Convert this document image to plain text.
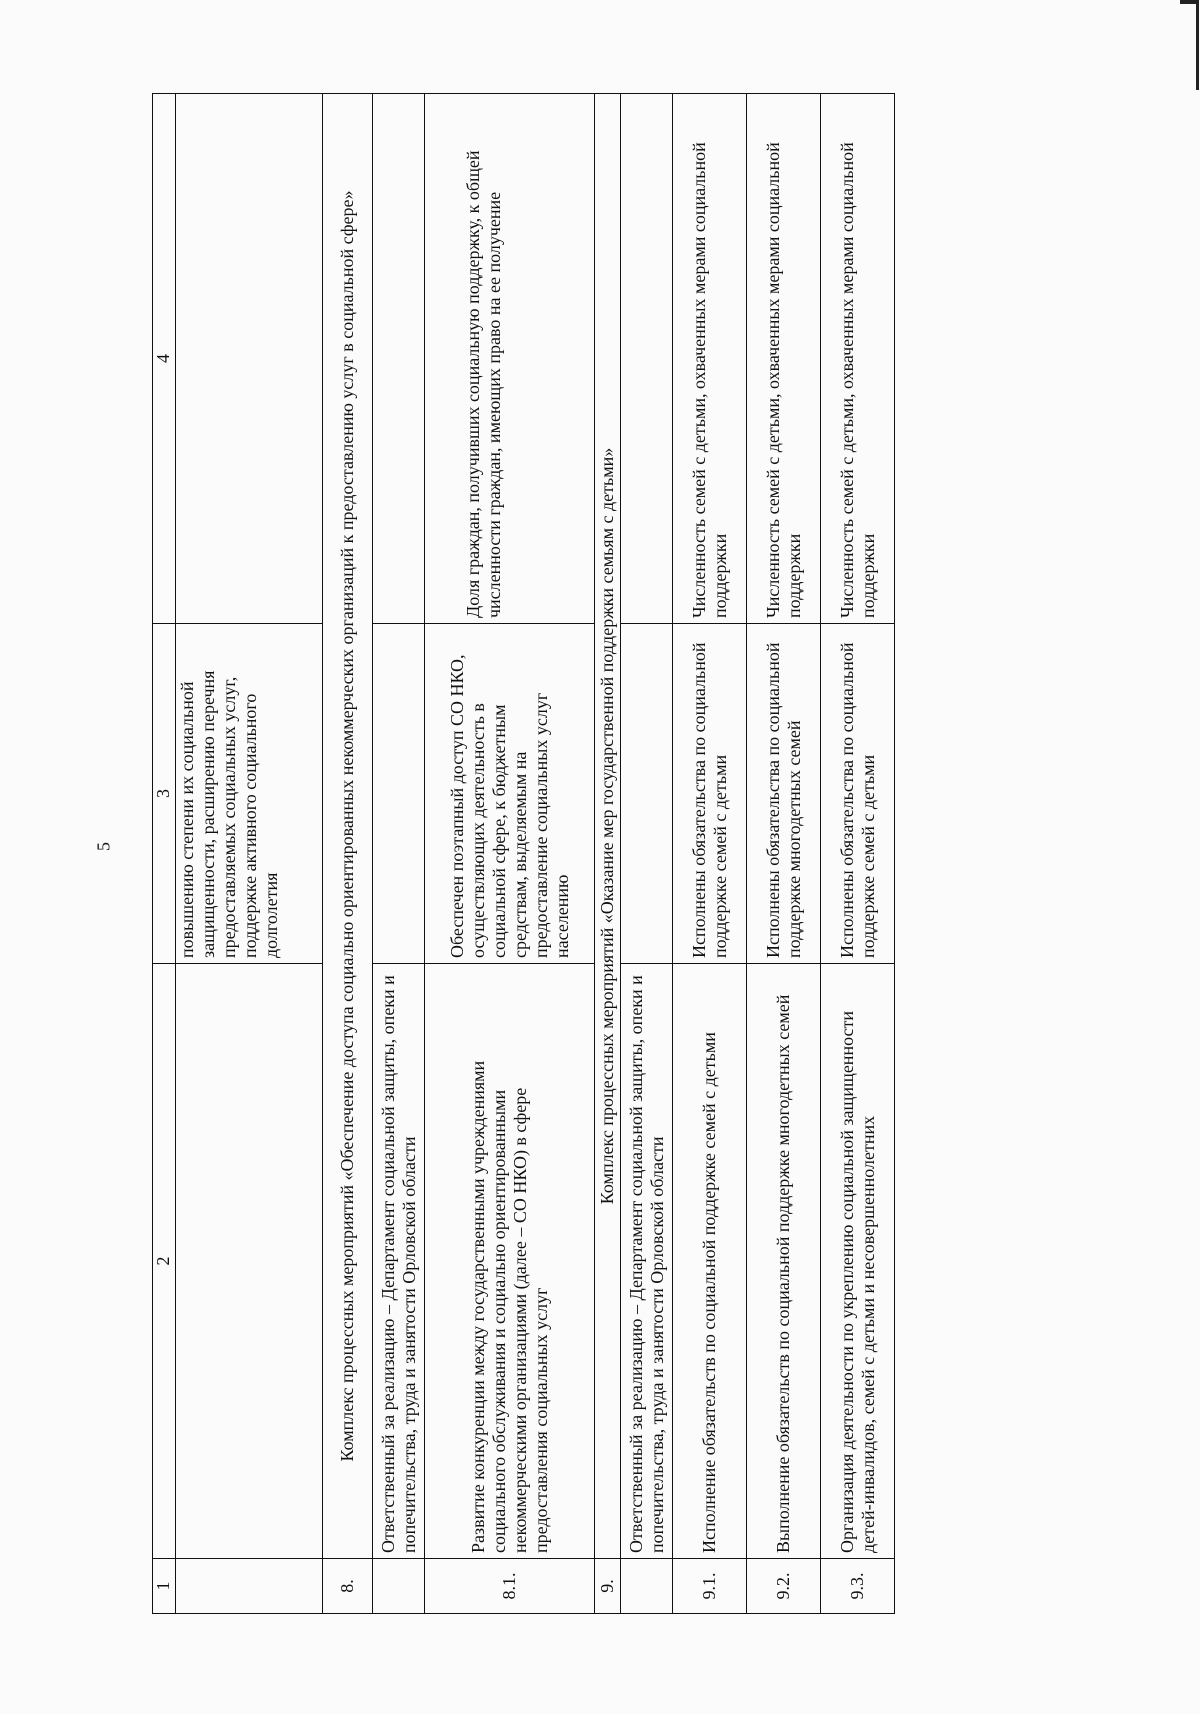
5
1	2	3	4
		повышению степени их социальной защищенности, расширению перечня предоставляемых социальных услуг, поддержке активного социального долголетия	
8.	Комплекс процессных мероприятий «Обеспечение доступа социально ориентированных некоммерческих организаций к предоставлению услуг в социальной сфере»		
	Ответственный за реализацию – Департамент социальной защиты, опеки и попечительства, труда и занятости Орловской области		
8.1.	Развитие конкуренции между государственными учреждениями социального обслуживания и социально ориентированными некоммерческими организациями (далее – СО НКО) в сфере предоставления социальных услуг	Обеспечен поэтапный доступ СО НКО, осуществляющих деятельность в социальной сфере, к бюджетным средствам, выделяемым на предоставление социальных услуг населению	Доля граждан, получивших социальную поддержку, к общей численности граждан, имеющих право на ее получение
9.	Комплекс процессных мероприятий «Оказание мер государственной поддержки семьям с детьми»		
	Ответственный за реализацию – Департамент социальной защиты, опеки и попечительства, труда и занятости Орловской области		
9.1.	Исполнение обязательств по социальной поддержке семей с детьми	Исполнены обязательства по социальной поддержке семей с детьми	Численность семей с детьми, охваченных мерами социальной поддержки
9.2.	Выполнение обязательств по социальной поддержке многодетных семей	Исполнены обязательства по социальной поддержке многодетных семей	Численность семей с детьми, охваченных мерами социальной поддержки
9.3.	Организация деятельности по укреплению социальной защищенности детей-инвалидов, семей с детьми и несовершеннолетних	Исполнены обязательства по социальной поддержке семей с детьми	Численность семей с детьми, охваченных мерами социальной поддержки
